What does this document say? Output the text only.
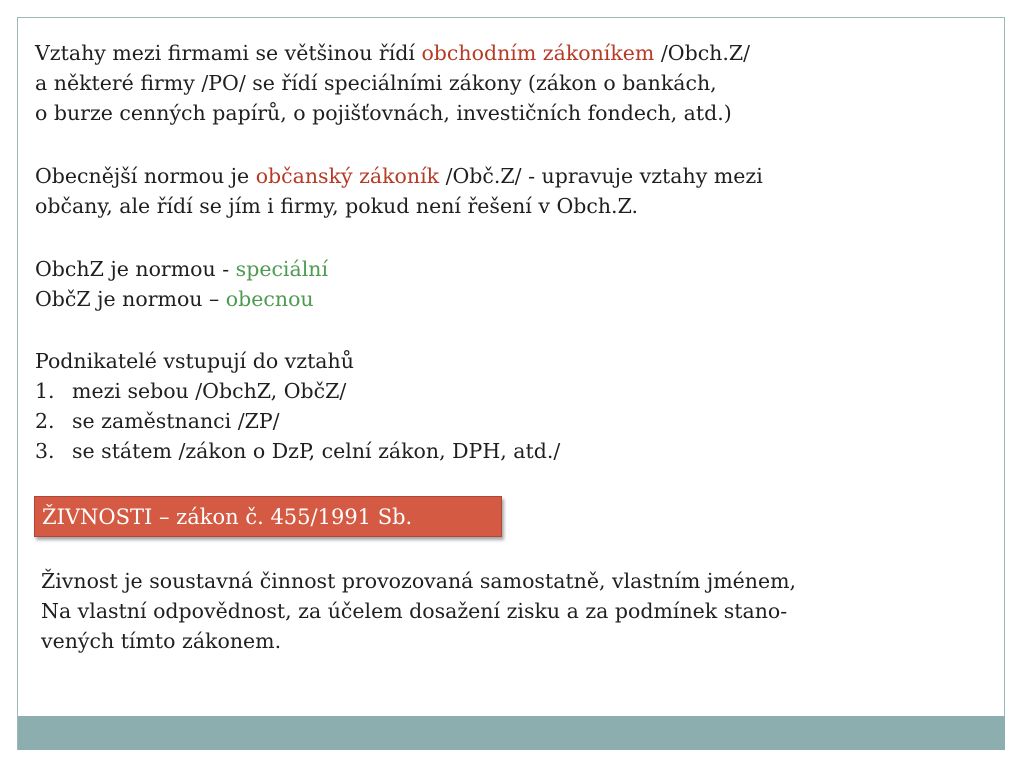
Vztahy mezi firmami se většinou řídí obchodním zákoníkem /Obch.Z/
a některé firmy /PO/ se řídí speciálními zákony (zákon o bankách,
o burze cenných papírů, o pojišťovnách, investičních fondech, atd.)
Obecnější normou je občanský zákoník /Obč.Z/ - upravuje vztahy mezi
občany, ale řídí se jím i firmy, pokud není řešení v Obch.Z.
ObchZ je normou - speciální
ObčZ je normou – obecnou
Podnikatelé vstupují do vztahů
1. mezi sebou /ObchZ, ObčZ/
2. se zaměstnanci /ZP/
3. se státem /zákon o DzP, celní zákon, DPH, atd./
ŽIVNOSTI – zákon č. 455/1991 Sb.
Živnost je soustavná činnost provozovaná samostatně, vlastním jménem,
Na vlastní odpovědnost, za účelem dosažení zisku a za podmínek stano-
vených tímto zákonem.
